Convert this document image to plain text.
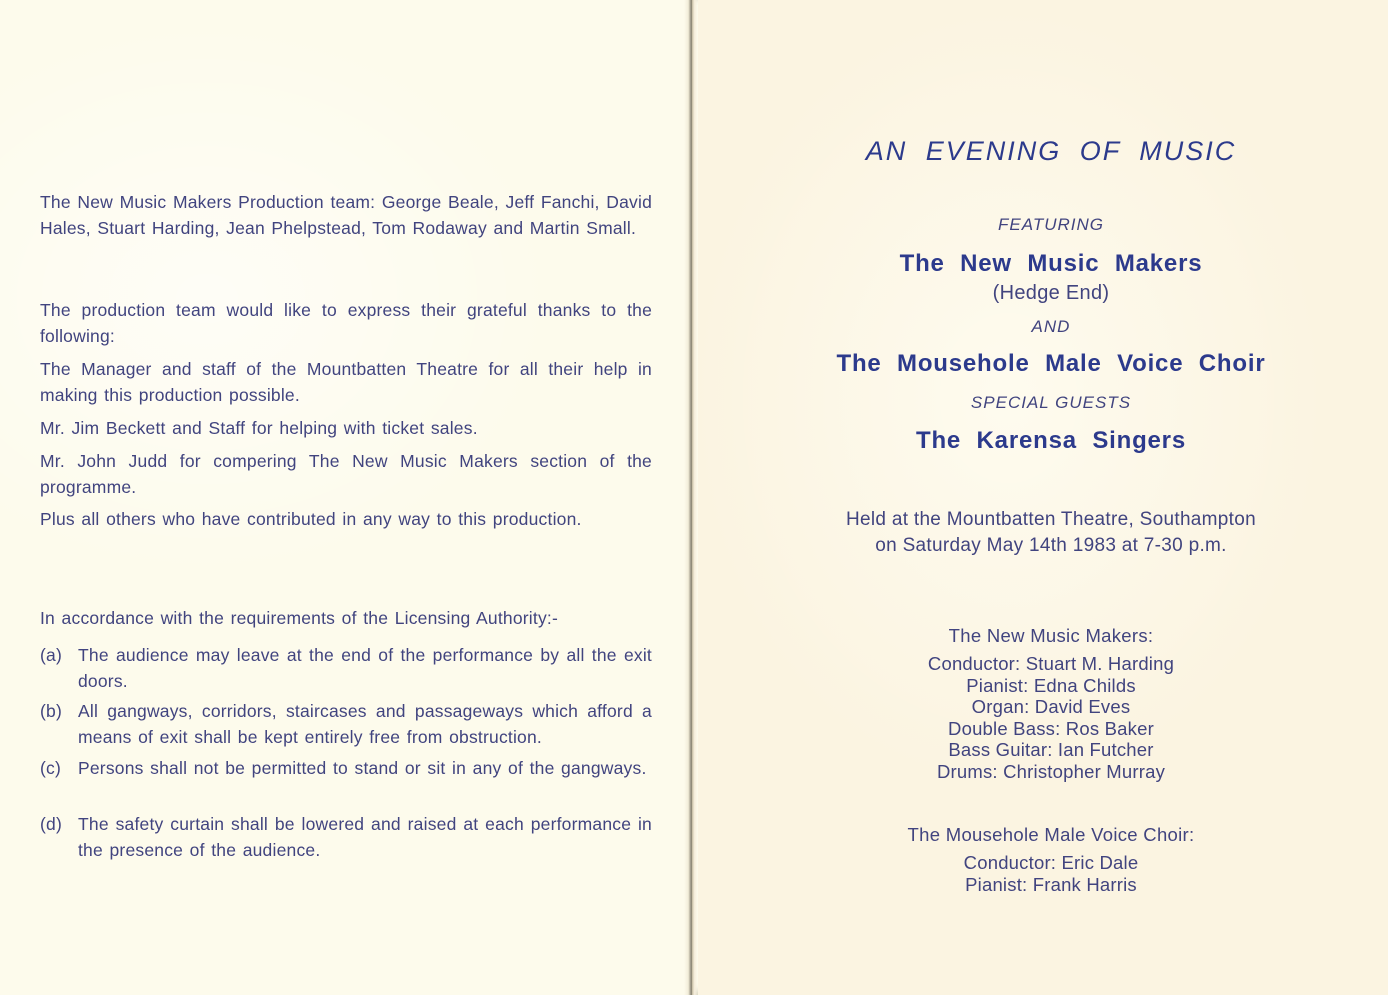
The New Music Makers Production team: George Beale, Jeff Fanchi, David Hales, Stuart Harding, Jean Phelpstead, Tom Rodaway and Martin Small.

The production team would like to express their grateful thanks to the following:

The Manager and staff of the Mountbatten Theatre for all their help in making this production possible.

Mr. Jim Beckett and Staff for helping with ticket sales.

Mr. John Judd for compering The New Music Makers section of the programme.

Plus all others who have contributed in any way to this production.

In accordance with the requirements of the Licensing Authority:-

(a) The audience may leave at the end of the performance by all the exit doors.
(b) All gangways, corridors, staircases and passageways which afford a means of exit shall be kept entirely free from obstruction.
(c) Persons shall not be permitted to stand or sit in any of the gangways.
(d) The safety curtain shall be lowered and raised at each performance in the presence of the audience.
AN EVENING OF MUSIC
FEATURING
The New Music Makers
(Hedge End)
AND
The Mousehole Male Voice Choir
SPECIAL GUESTS
The Karensa Singers
Held at the Mountbatten Theatre, Southampton
on Saturday May 14th 1983 at 7-30 p.m.
The New Music Makers:
Conductor: Stuart M. Harding
Pianist: Edna Childs
Organ: David Eves
Double Bass: Ros Baker
Bass Guitar: Ian Futcher
Drums: Christopher Murray
The Mousehole Male Voice Choir:
Conductor: Eric Dale
Pianist: Frank Harris
